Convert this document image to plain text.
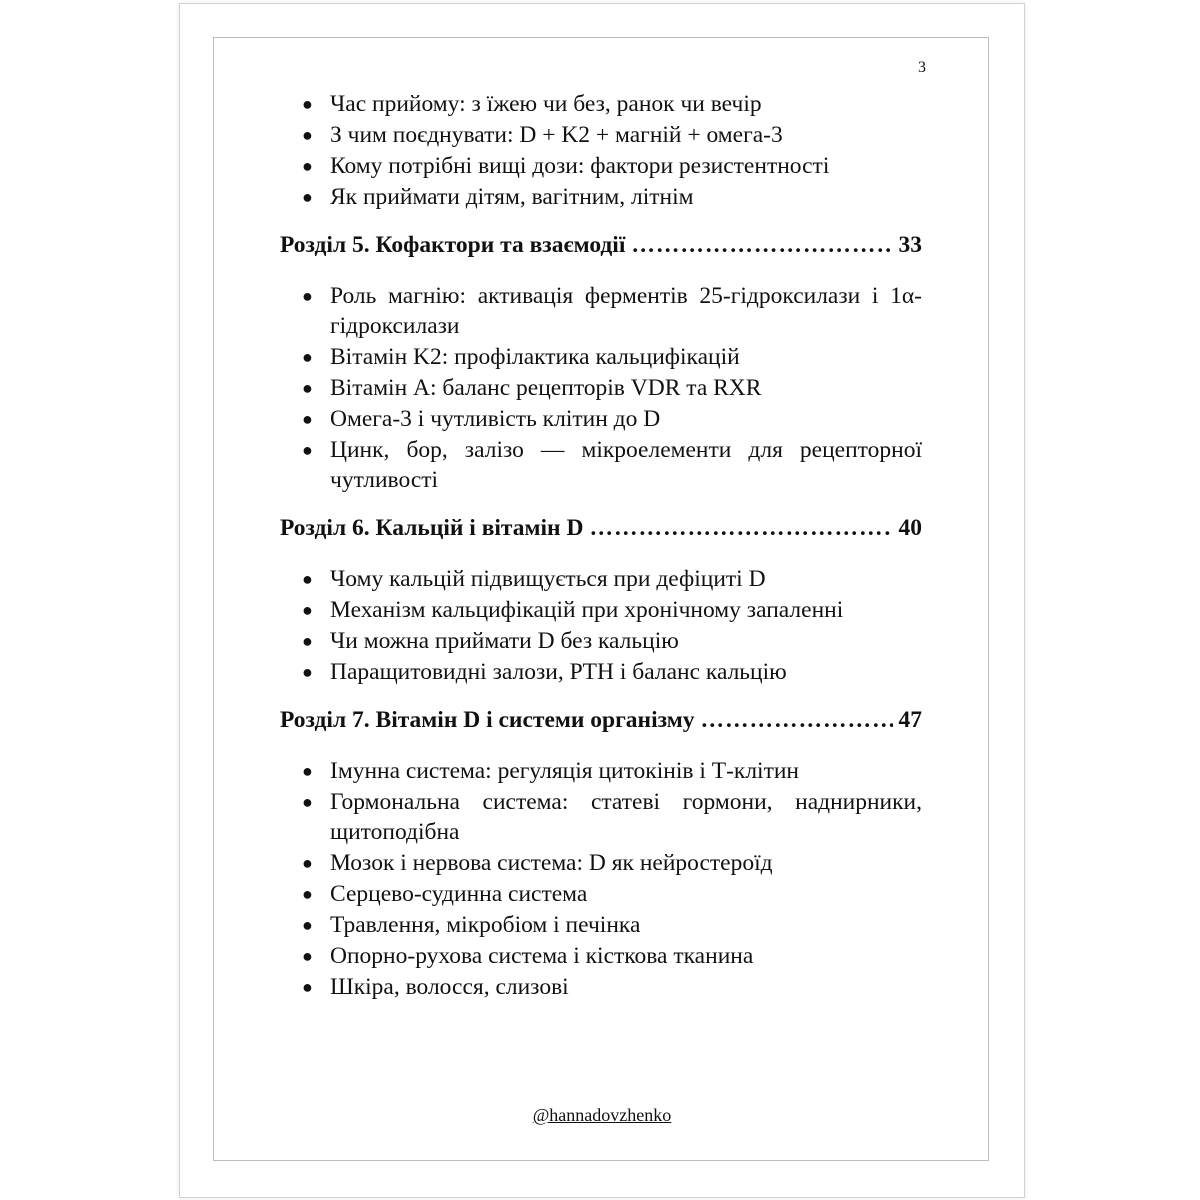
3
● Час прийому: з їжею чи без, ранок чи вечір
● З чим поєднувати: D + K2 + магній + омега-3
● Кому потрібні вищі дози: фактори резистентності
● Як приймати дітям, вагітним, літнім
Розділ 5. Кофактори та взаємодії ………………………………………………………………………………………	33
● Роль магнію: активація ферментів 25-гідроксилази і 1α-гідроксилази
● Вітамін K2: профілактика кальцифікацій
● Вітамін A: баланс рецепторів VDR та RXR
● Омега-3 і чутливість клітин до D
● Цинк, бор, залізо — мікроелементи для рецепторної чутливості
Розділ 6. Кальцій і вітамін D ………………………………………………………………………………………	40
● Чому кальцій підвищується при дефіциті D
● Механізм кальцифікацій при хронічному запаленні
● Чи можна приймати D без кальцію
● Паращитовидні залози, PTH і баланс кальцію
Розділ 7. Вітамін D і системи організму ………………………………………………………………………………………	47
● Імунна система: регуляція цитокінів і Т-клітин
● Гормональна система: статеві гормони, наднирники, щитоподібна
● Мозок і нервова система: D як нейростероїд
● Серцево-судинна система
● Травлення, мікробіом і печінка
● Опорно-рухова система і кісткова тканина
● Шкіра, волосся, слизові
@hannadovzhenko
